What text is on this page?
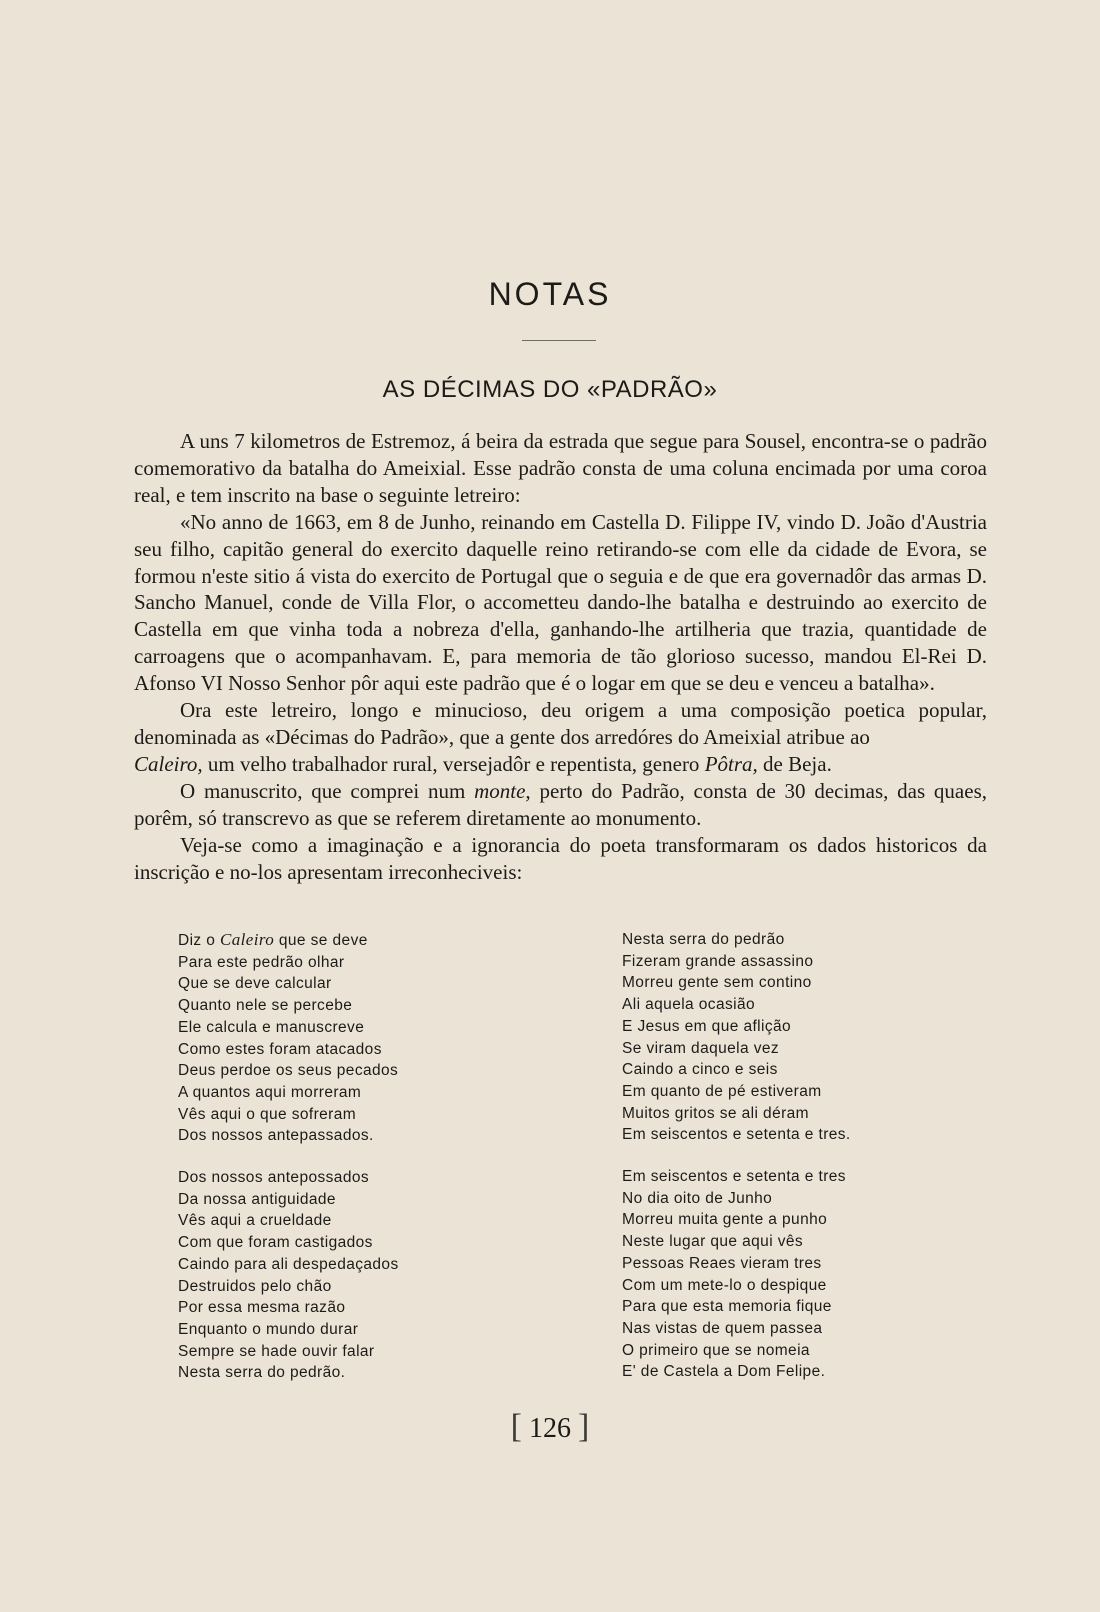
NOTAS
AS DÉCIMAS DO «PADRÃO»

A uns 7 kilometros de Estremoz, á beira da estrada que segue para Sousel, encontra-se o padrão comemorativo da batalha do Ameixial. Esse padrão consta de uma coluna encimada por uma coroa real, e tem inscrito na base o seguinte letreiro:

«No anno de 1663, em 8 de Junho, reinando em Castella D. Filippe IV, vindo D. João d'Austria seu filho, capitão general do exercito daquelle reino retirando-se com elle da cidade de Evora, se formou n'este sitio á vista do exercito de Portugal que o seguia e de que era governadôr das armas D. Sancho Manuel, conde de Villa Flor, o accometteu dando-lhe batalha e destruindo ao exercito de Castella em que vinha toda a nobreza d'ella, ganhando-lhe artilheria que trazia, quantidade de carroagens que o acompanhavam. E, para memoria de tão glorioso sucesso, mandou El-Rei D. Afonso VI Nosso Senhor pôr aqui este padrão que é o logar em que se deu e venceu a batalha».

Ora este letreiro, longo e minucioso, deu origem a uma composição poetica popular, denominada as «Décimas do Padrão», que a gente dos arredóres do Ameixial atribue ao
Caleiro, um velho trabalhador rural, versejadôr e repentista, genero Pôtra, de Beja.

O manuscrito, que comprei num monte, perto do Padrão, consta de 30 decimas, das quaes, porêm, só transcrevo as que se referem diretamente ao monumento.

Veja-se como a imaginação e a ignorancia do poeta transformaram os dados historicos da inscrição e no-los apresentam irreconheciveis:

Diz o Caleiro que se deve
Para este pedrão olhar
Que se deve calcular
Quanto nele se percebe
Ele calcula e manuscreve
Como estes foram atacados
Deus perdoe os seus pecados
A quantos aqui morreram
Vês aqui o que sofreram
Dos nossos antepassados.
Dos nossos antepossados
Da nossa antiguidade
Vês aqui a crueldade
Com que foram castigados
Caindo para ali despedaçados
Destruidos pelo chão
Por essa mesma razão
Enquanto o mundo durar
Sempre se hade ouvir falar
Nesta serra do pedrão.
Nesta serra do pedrão
Fizeram grande assassino
Morreu gente sem contino
Ali aquela ocasião
E Jesus em que aflição
Se viram daquela vez
Caindo a cinco e seis
Em quanto de pé estiveram
Muitos gritos se ali déram
Em seiscentos e setenta e tres.
Em seiscentos e setenta e tres
No dia oito de Junho
Morreu muita gente a punho
Neste lugar que aqui vês
Pessoas Reaes vieram tres
Com um mete-lo o despique
Para que esta memoria fique
Nas vistas de quem passea
O primeiro que se nomeia
E' de Castela a Dom Felipe.
[ 126 ]
